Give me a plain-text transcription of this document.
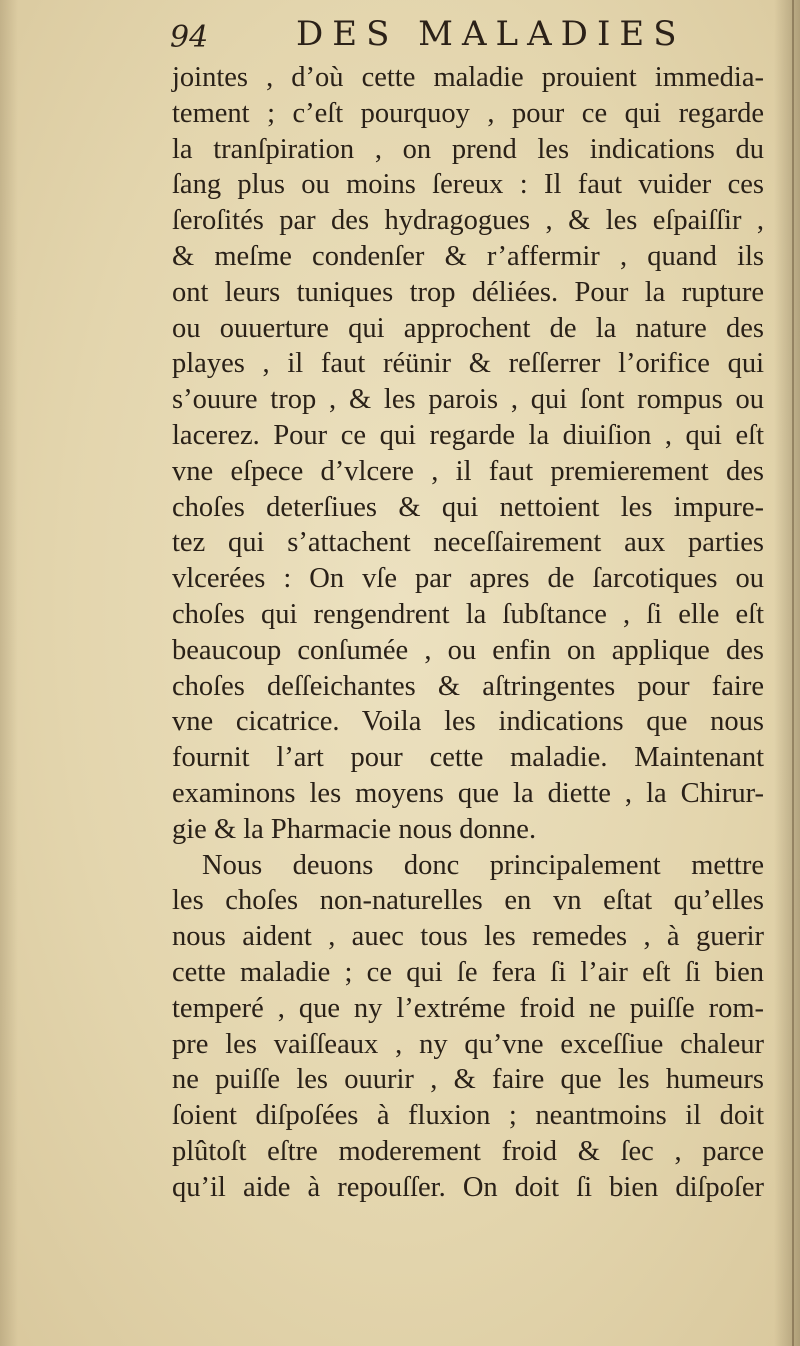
94	DES MALADIES
jointes , d’où cette maladie prouient immedia-
tement ; c’eſt pourquoy , pour ce qui regarde
la tranſpiration , on prend les indications du
ſang plus ou moins ſereux : Il faut vuider ces
ſeroſités par des hydragogues , & les eſpaiſſir ,
& meſme condenſer & r’affermir , quand ils
ont leurs tuniques trop déliées. Pour la rupture
ou ouuerture qui approchent de la nature des
playes , il faut réünir & reſſerrer l’orifice qui
s’ouure trop , & les parois , qui ſont rompus ou
lacerez. Pour ce qui regarde la diuiſion , qui eſt
vne eſpece d’vlcere , il faut premierement des
choſes deterſiues & qui nettoient les impure-
tez qui s’attachent neceſſairement aux parties
vlcerées : On vſe par apres de ſarcotiques ou
choſes qui rengendrent la ſubſtance , ſi elle eſt
beaucoup conſumée , ou enfin on applique des
choſes deſſeichantes & aſtringentes pour faire
vne cicatrice. Voila les indications que nous
fournit l’art pour cette maladie. Maintenant
examinons les moyens que la diette , la Chirur-
gie & la Pharmacie nous donne.
Nous deuons donc principalement mettre
les choſes non-naturelles en vn eſtat qu’elles
nous aident , auec tous les remedes , à guerir
cette maladie ; ce qui ſe fera ſi l’air eſt ſi bien
temperé , que ny l’extréme froid ne puiſſe rom-
pre les vaiſſeaux , ny qu’vne exceſſiue chaleur
ne puiſſe les ouurir , & faire que les humeurs
ſoient diſpoſées à fluxion ; neantmoins il doit
plûtoſt eſtre moderement froid & ſec , parce
qu’il aide à repouſſer. On doit ſi bien diſpoſer
